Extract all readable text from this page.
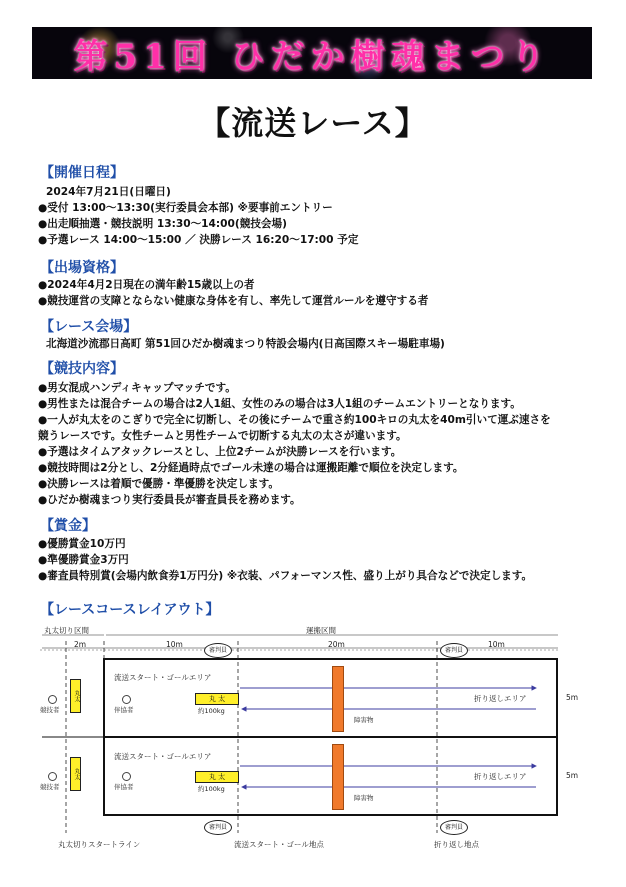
第51回 ひだか樹魂まつり
【流送レース】
【開催日程】
2024年7月21日(日曜日)
●受付 13:00～13:30(実行委員会本部) ※要事前エントリー
●出走順抽選・競技説明 13:30～14:00(競技会場)
●予選レース 14:00～15:00 ／ 決勝レース 16:20～17:00 予定
【出場資格】
●2024年4月2日現在の満年齢15歳以上の者
●競技運営の支障とならない健康な身体を有し、率先して運営ルールを遵守する者
【レース会場】
北海道沙流郡日高町 第51回ひだか樹魂まつり特設会場内(日高国際スキー場駐車場)
【競技内容】
●男女混成ハンディキャップマッチです。
●男性または混合チームの場合は2人1組、女性のみの場合は3人1組のチームエントリーとなります。
●一人が丸太をのこぎりで完全に切断し、その後にチームで重さ約100キロの丸太を40m引いて運ぶ速さを
競うレースです。女性チームと男性チームで切断する丸太の太さが違います。
●予選はタイムアタックレースとし、上位2チームが決勝レースを行います。
●競技時間は2分とし、2分経過時点でゴール未達の場合は運搬距離で順位を決定します。
●決勝レースは着順で優勝・準優勝を決定します。
●ひだか樹魂まつり実行委員長が審査員長を務めます。
【賞金】
●優勝賞金10万円
●準優勝賞金3万円
●審査員特別賞(会場内飲食券1万円分) ※衣装、パフォーマンス性、盛り上がり具合などで決定します。
【レースコースレイアウト】
丸太切り区間	運搬区間
2m	10m	20m	10m
審判員	審判員
5m
5m
丸太
競技者	伴協者
流送スタート・ゴールエリア
丸 太
約100kg
障害物
折り返しエリア
丸太
競技者	伴協者
流送スタート・ゴールエリア
丸 太
約100kg
障害物
折り返しエリア
審判員	審判員
丸太切りスタートライン	流送スタート・ゴール地点	折り返し地点
